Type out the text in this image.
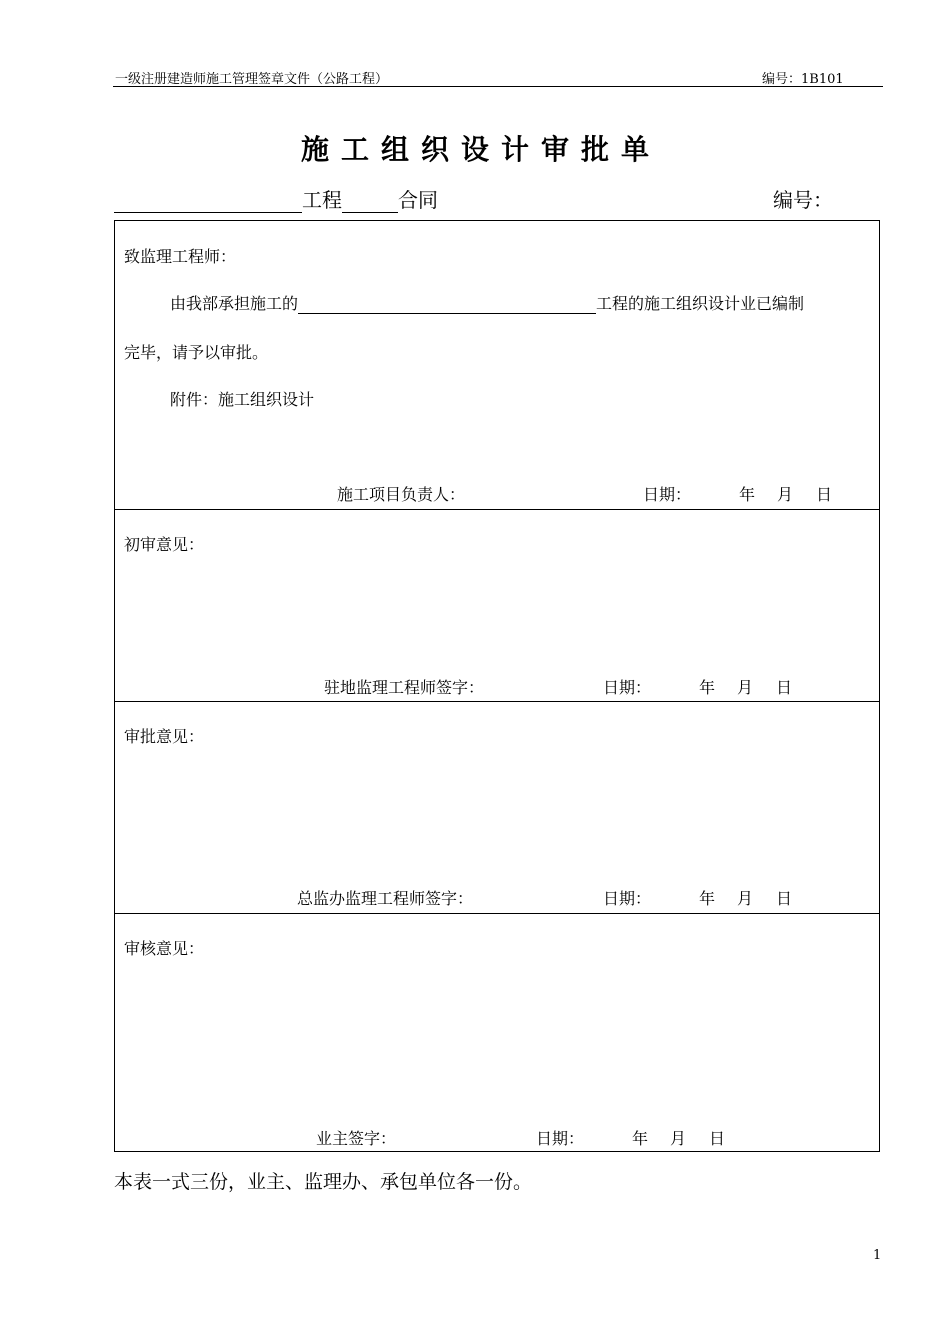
一级注册建造师施工管理签章文件（公路工程）	编号：1B101
施工组织设计审批单
工程	合同	编号：
致监理工程师：
由我部承担施工的	工程的施工组织设计业已编制
完毕，请予以审批。
附件：施工组织设计
施工项目负责人：	日期：	年 月 日
初审意见：
驻地监理工程师签字：	日期：	年 月 日
审批意见：
总监办监理工程师签字：	日期：	年 月 日
审核意见：
业主签字：	日期：	年 月 日
本表一式三份，业主、监理办、承包单位各一份。
1
